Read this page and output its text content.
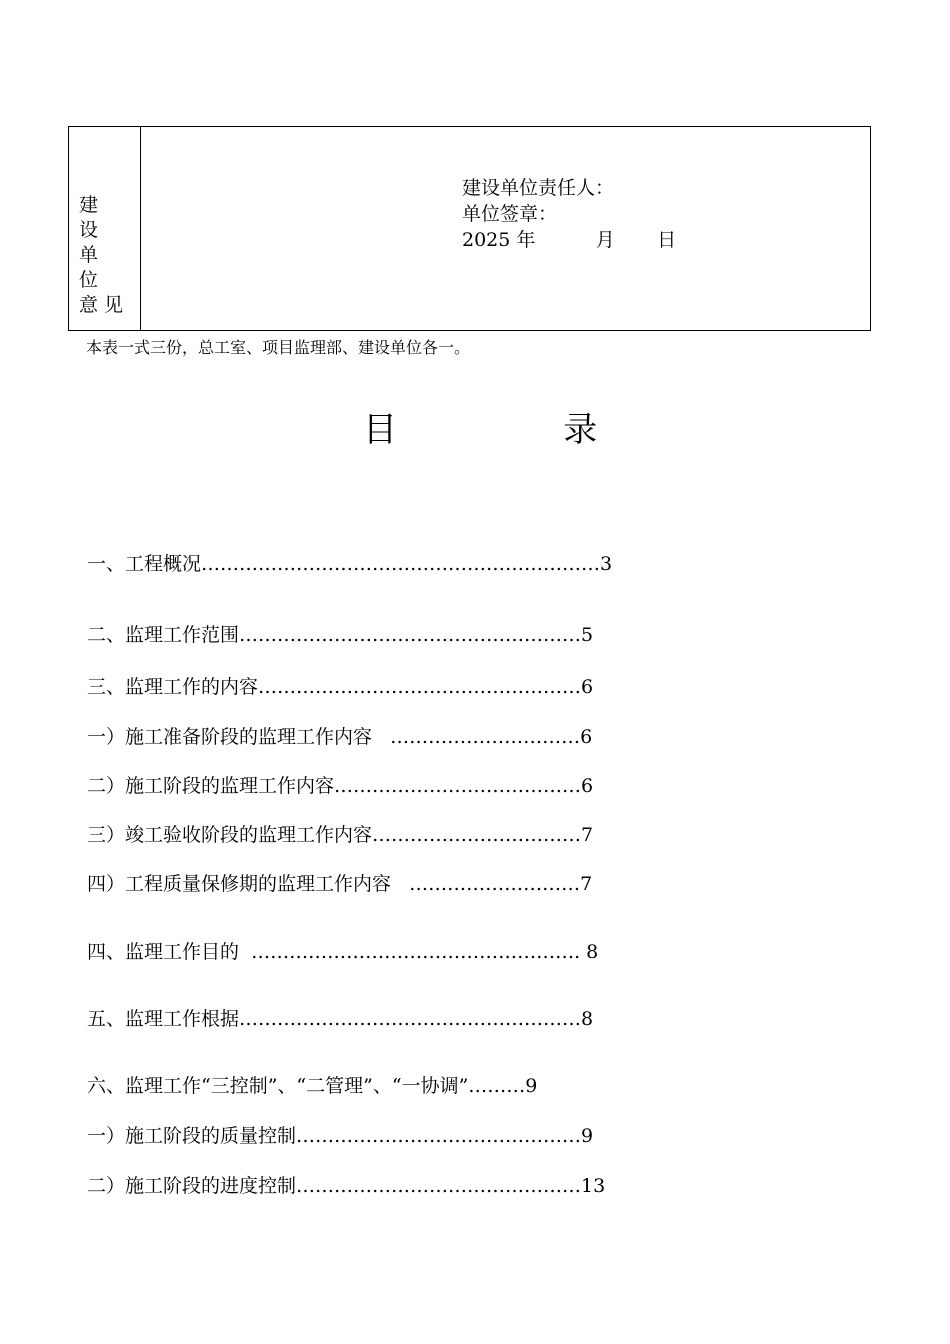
建 设
单 位
意见
建设单位责任人：
单位签章：
2025 年          月       日
本表一式三份，总工室、项目监理部、建设单位各一。
目              录
一、工程概况………………………………………………………3
二、监理工作范围………………………………………………5
三、监理工作的内容……………………………………………6
一）施工准备阶段的监理工作内容   …………………………6
二）施工阶段的监理工作内容…………………………………6
三）竣工验收阶段的监理工作内容……………………………7
四）工程质量保修期的监理工作内容   ………………………7
四、监理工作目的  ……………………………………………. 8
五、监理工作根据………………………………………………8
六、监理工作“三控制”、“二管理”、“一协调”………9
一）施工阶段的质量控制………………………………………9
二）施工阶段的进度控制………………………………………13
